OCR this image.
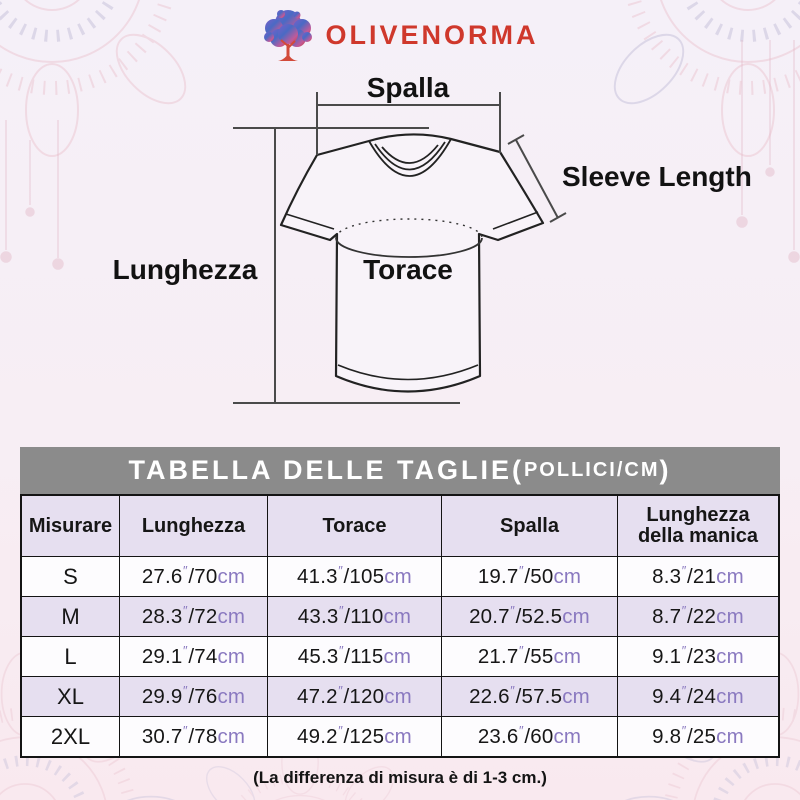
OLIVENORMA
Spalla
Sleeve Length
Lunghezza	Torace
TABELLA DELLE TAGLIE ( POLLICI/CM )
Misurare	Lunghezza	Torace	Spalla	Lunghezza della manica
S	27.6 ″ /70 cm	41.3 ″ /105 cm	19.7 ″ /50 cm	8.3 ″ /21 cm
M	28.3 ″ /72 cm	43.3 ″ /110 cm	20.7 ″ /52.5 cm	8.7 ″ /22 cm
L	29.1 ″ /74 cm	45.3 ″ /115 cm	21.7 ″ /55 cm	9.1 ″ /23 cm
XL	29.9 ″ /76 cm	47.2 ″ /120 cm	22.6 ″ /57.5 cm	9.4 ″ /24 cm
2XL	30.7 ″ /78 cm	49.2 ″ /125 cm	23.6 ″ /60 cm	9.8 ″ /25 cm
(La differenza di misura è di 1-3 cm.)
